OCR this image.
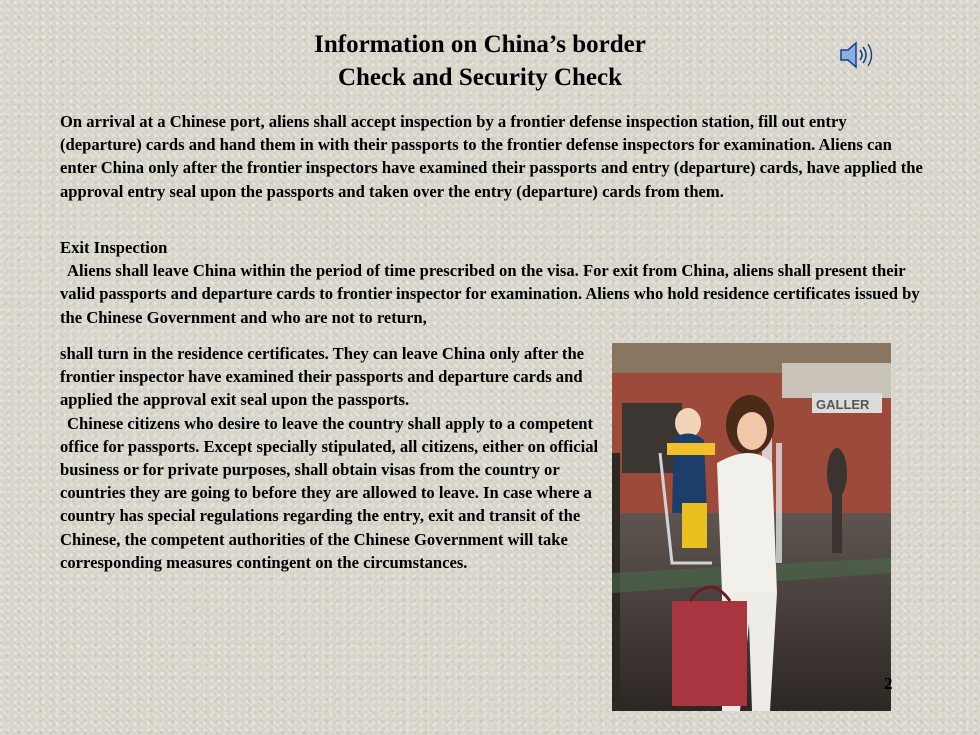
Information on China’s border
Check and Security Check
On arrival at a Chinese port, aliens shall accept inspection by a frontier defense inspection station, fill out entry (departure) cards and hand them in with their passports to the frontier defense inspectors for examination. Aliens can enter China only after the frontier inspectors have examined their passports and entry (departure) cards, have applied the approval entry seal upon the passports and taken over the entry (departure) cards from them.
Exit Inspection
Aliens shall leave China within the period of time prescribed on the visa. For exit from China, aliens shall present their valid passports and departure cards to frontier inspector for examination. Aliens who hold residence certificates issued by the Chinese Government and who are not to return,
shall turn in the residence certificates. They can leave China only after the frontier inspector have examined their passports and departure cards and applied the approval exit seal upon the passports.
Chinese citizens who desire to leave the country shall apply to a competent office for passports. Except specially stipulated, all citizens, either on official business or for private purposes, shall obtain visas from the country or countries they are going to before they are allowed to leave. In case where a country has special regulations regarding the entry, exit and transit of the Chinese, the competent authorities of the Chinese Government will take corresponding measures contingent on the circumstances.
GALLER
2
